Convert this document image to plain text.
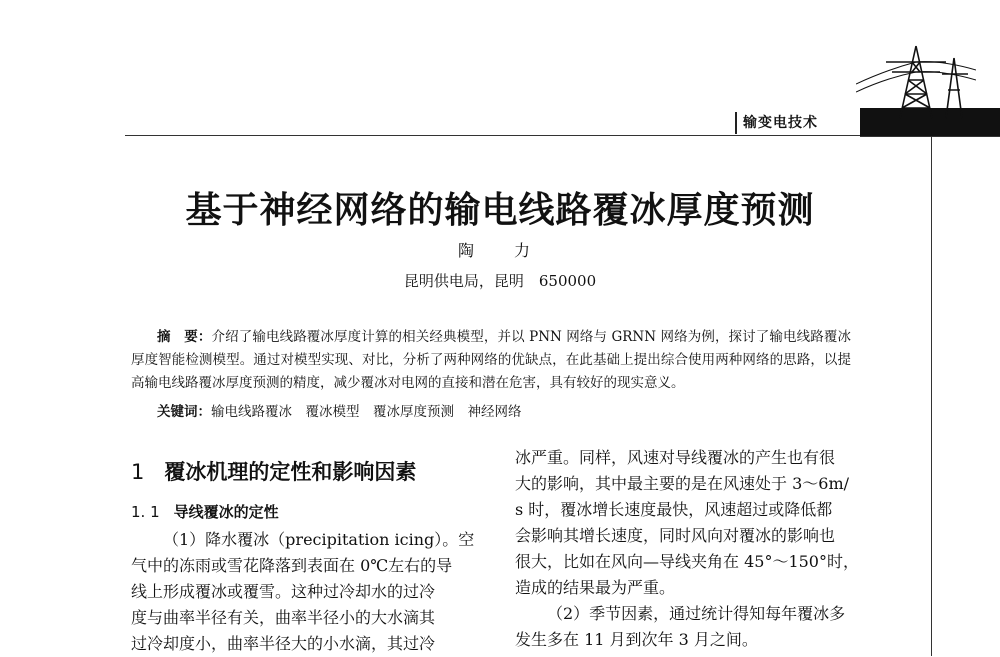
输变电技术
基于神经网络的输电线路覆冰厚度预测
陶　力
昆明供电局，昆明　650000
摘　要：介绍了输电线路覆冰厚度计算的相关经典模型，并以 PNN 网络与 GRNN 网络为例，探讨了输电线路覆冰厚度智能检测模型。通过对模型实现、对比，分析了两种网络的优缺点，在此基础上提出综合使用两种网络的思路，以提高输电线路覆冰厚度预测的精度，减少覆冰对电网的直接和潜在危害，具有较好的现实意义。
关键词：输电线路覆冰　覆冰模型　覆冰厚度预测　神经网络
1 覆冰机理的定性和影响因素
1. 1 导线覆冰的定性
（1）降水覆冰（precipitation icing）。空
气中的冻雨或雪花降落到表面在 0℃左右的导
线上形成覆冰或覆雪。这种过冷却水的过冷
度与曲率半径有关，曲率半径小的大水滴其
过冷却度小，曲率半径大的小水滴，其过冷
冰严重。同样，风速对导线覆冰的产生也有很
大的影响，其中最主要的是在风速处于 3～6m/
s 时，覆冰增长速度最快，风速超过或降低都
会影响其增长速度，同时风向对覆冰的影响也
很大，比如在风向—导线夹角在 45°～150°时，
造成的结果最为严重。
（2）季节因素，通过统计得知每年覆冰多
发生多在 11 月到次年 3 月之间。
